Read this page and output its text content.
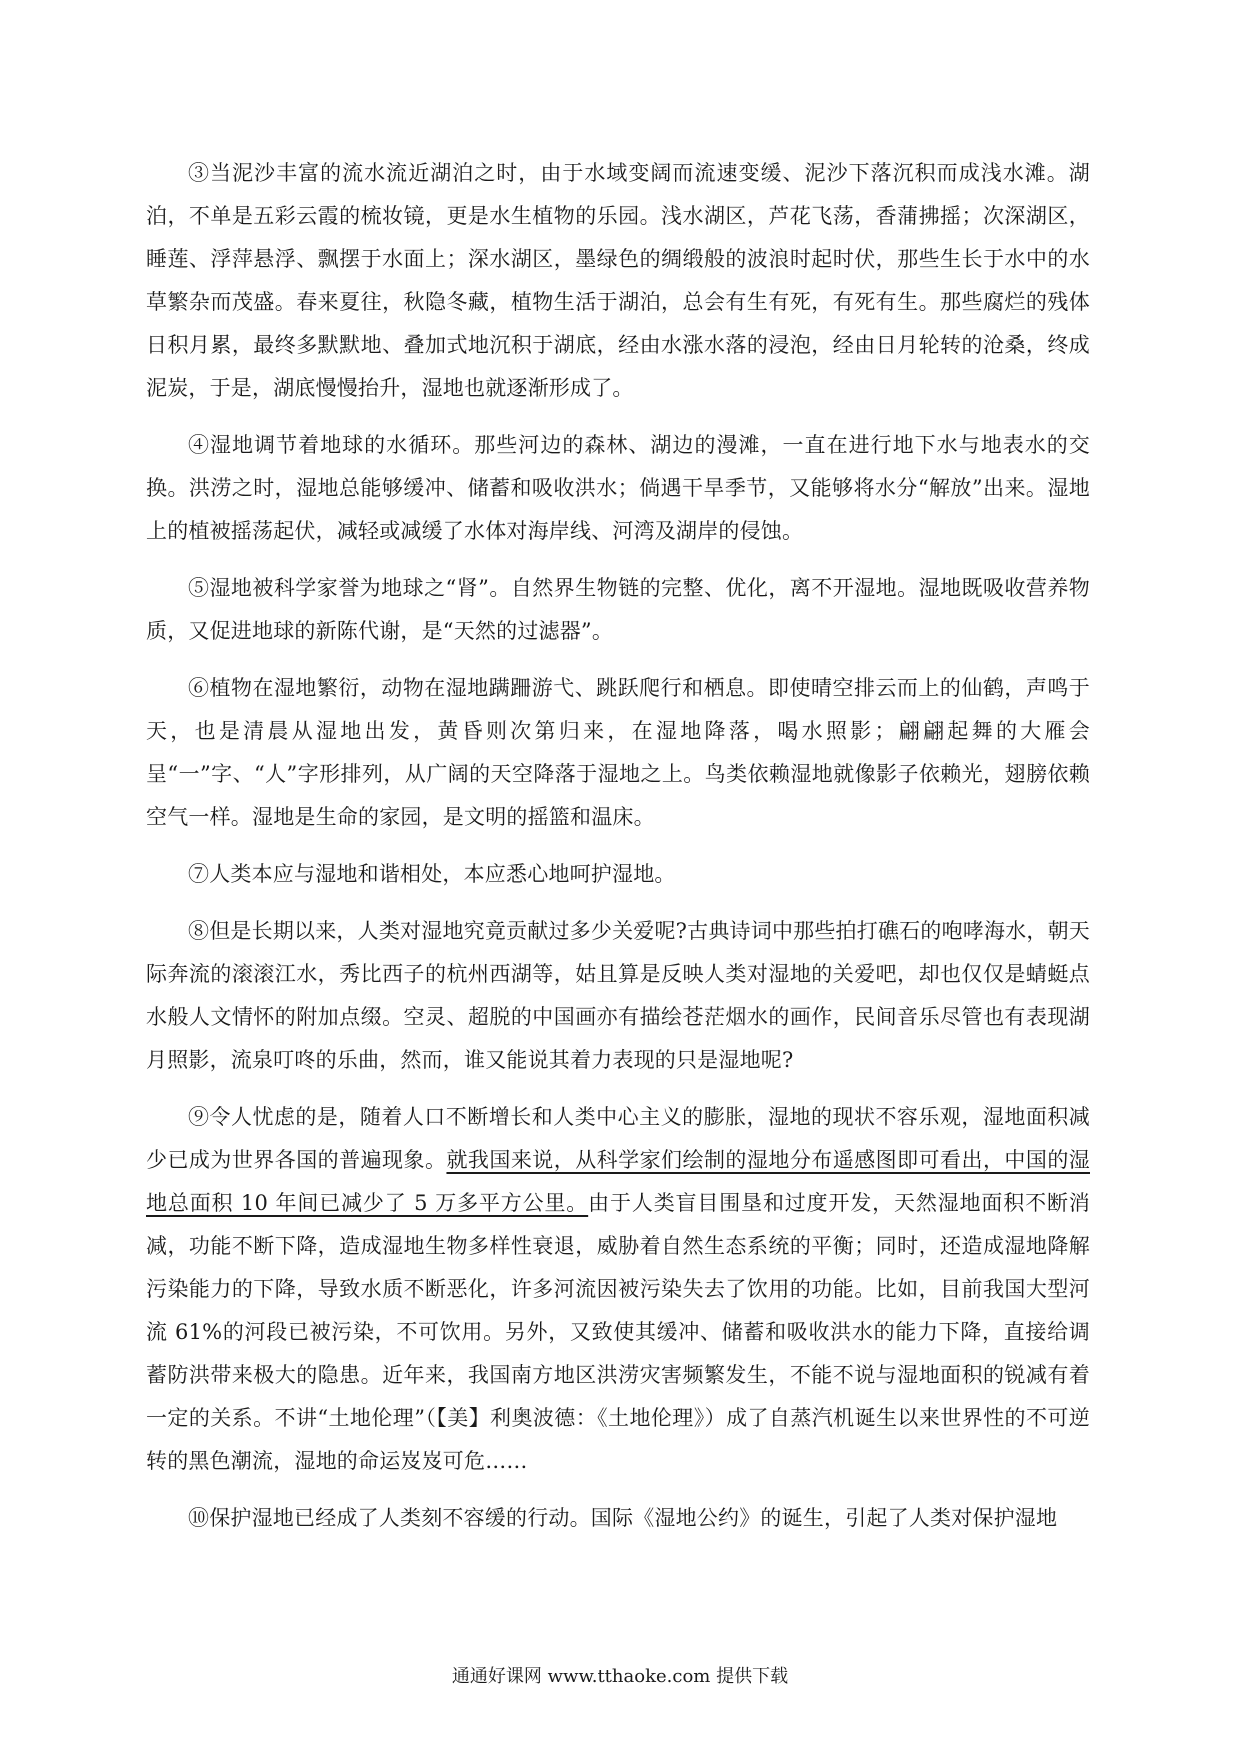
③当泥沙丰富的流水流近湖泊之时，由于水域变阔而流速变缓、泥沙下落沉积而成浅水滩。湖泊，不单是五彩云霞的梳妆镜，更是水生植物的乐园。浅水湖区，芦花飞荡，香蒲拂摇；次深湖区，睡莲、浮萍悬浮、飘摆于水面上；深水湖区，墨绿色的绸缎般的波浪时起时伏，那些生长于水中的水草繁杂而茂盛。春来夏往，秋隐冬藏，植物生活于湖泊，总会有生有死，有死有生。那些腐烂的残体日积月累，最终多默默地、叠加式地沉积于湖底，经由水涨水落的浸泡，经由日月轮转的沧桑，终成泥炭，于是，湖底慢慢抬升，湿地也就逐渐形成了。

④湿地调节着地球的水循环。那些河边的森林、湖边的漫滩，一直在进行地下水与地表水的交换。洪涝之时，湿地总能够缓冲、储蓄和吸收洪水；倘遇干旱季节，又能够将水分“解放”出来。湿地上的植被摇荡起伏，减轻或减缓了水体对海岸线、河湾及湖岸的侵蚀。

⑤湿地被科学家誉为地球之“肾”。自然界生物链的完整、优化，离不开湿地。湿地既吸收营养物质，又促进地球的新陈代谢，是“天然的过滤器”。

⑥植物在湿地繁衍，动物在湿地蹒跚游弋、跳跃爬行和栖息。即使晴空排云而上的仙鹤，声鸣于天，也是清晨从湿地出发，黄昏则次第归来，在湿地降落，喝水照影；翩翩起舞的大雁会呈“一”字、“人”字形排列，从广阔的天空降落于湿地之上。鸟类依赖湿地就像影子依赖光，翅膀依赖空气一样。湿地是生命的家园，是文明的摇篮和温床。

⑦人类本应与湿地和谐相处，本应悉心地呵护湿地。

⑧但是长期以来，人类对湿地究竟贡献过多少关爱呢?古典诗词中那些拍打礁石的咆哮海水，朝天际奔流的滚滚江水，秀比西子的杭州西湖等，姑且算是反映人类对湿地的关爱吧，却也仅仅是蜻蜓点水般人文情怀的附加点缀。空灵、超脱的中国画亦有描绘苍茫烟水的画作，民间音乐尽管也有表现湖月照影，流泉叮咚的乐曲，然而，谁又能说其着力表现的只是湿地呢?

⑨令人忧虑的是，随着人口不断增长和人类中心主义的膨胀，湿地的现状不容乐观，湿地面积减少已成为世界各国的普遍现象。就我国来说，从科学家们绘制的湿地分布遥感图即可看出，中国的湿地总面积 10 年间已减少了 5 万多平方公里。由于人类盲目围垦和过度开发，天然湿地面积不断消减，功能不断下降，造成湿地生物多样性衰退，威胁着自然生态系统的平衡；同时，还造成湿地降解污染能力的下降，导致水质不断恶化，许多河流因被污染失去了饮用的功能。比如，目前我国大型河流 61%的河段已被污染，不可饮用。另外，又致使其缓冲、储蓄和吸收洪水的能力下降，直接给调蓄防洪带来极大的隐患。近年来，我国南方地区洪涝灾害频繁发生，不能不说与湿地面积的锐减有着一定的关系。不讲“土地伦理”（【美】利奥波德：《土地伦理》）成了自蒸汽机诞生以来世界性的不可逆转的黑色潮流，湿地的命运岌岌可危……

⑩保护湿地已经成了人类刻不容缓的行动。国际《湿地公约》的诞生，引起了人类对保护湿地

通通好课网 www.tthaoke.com 提供下载
